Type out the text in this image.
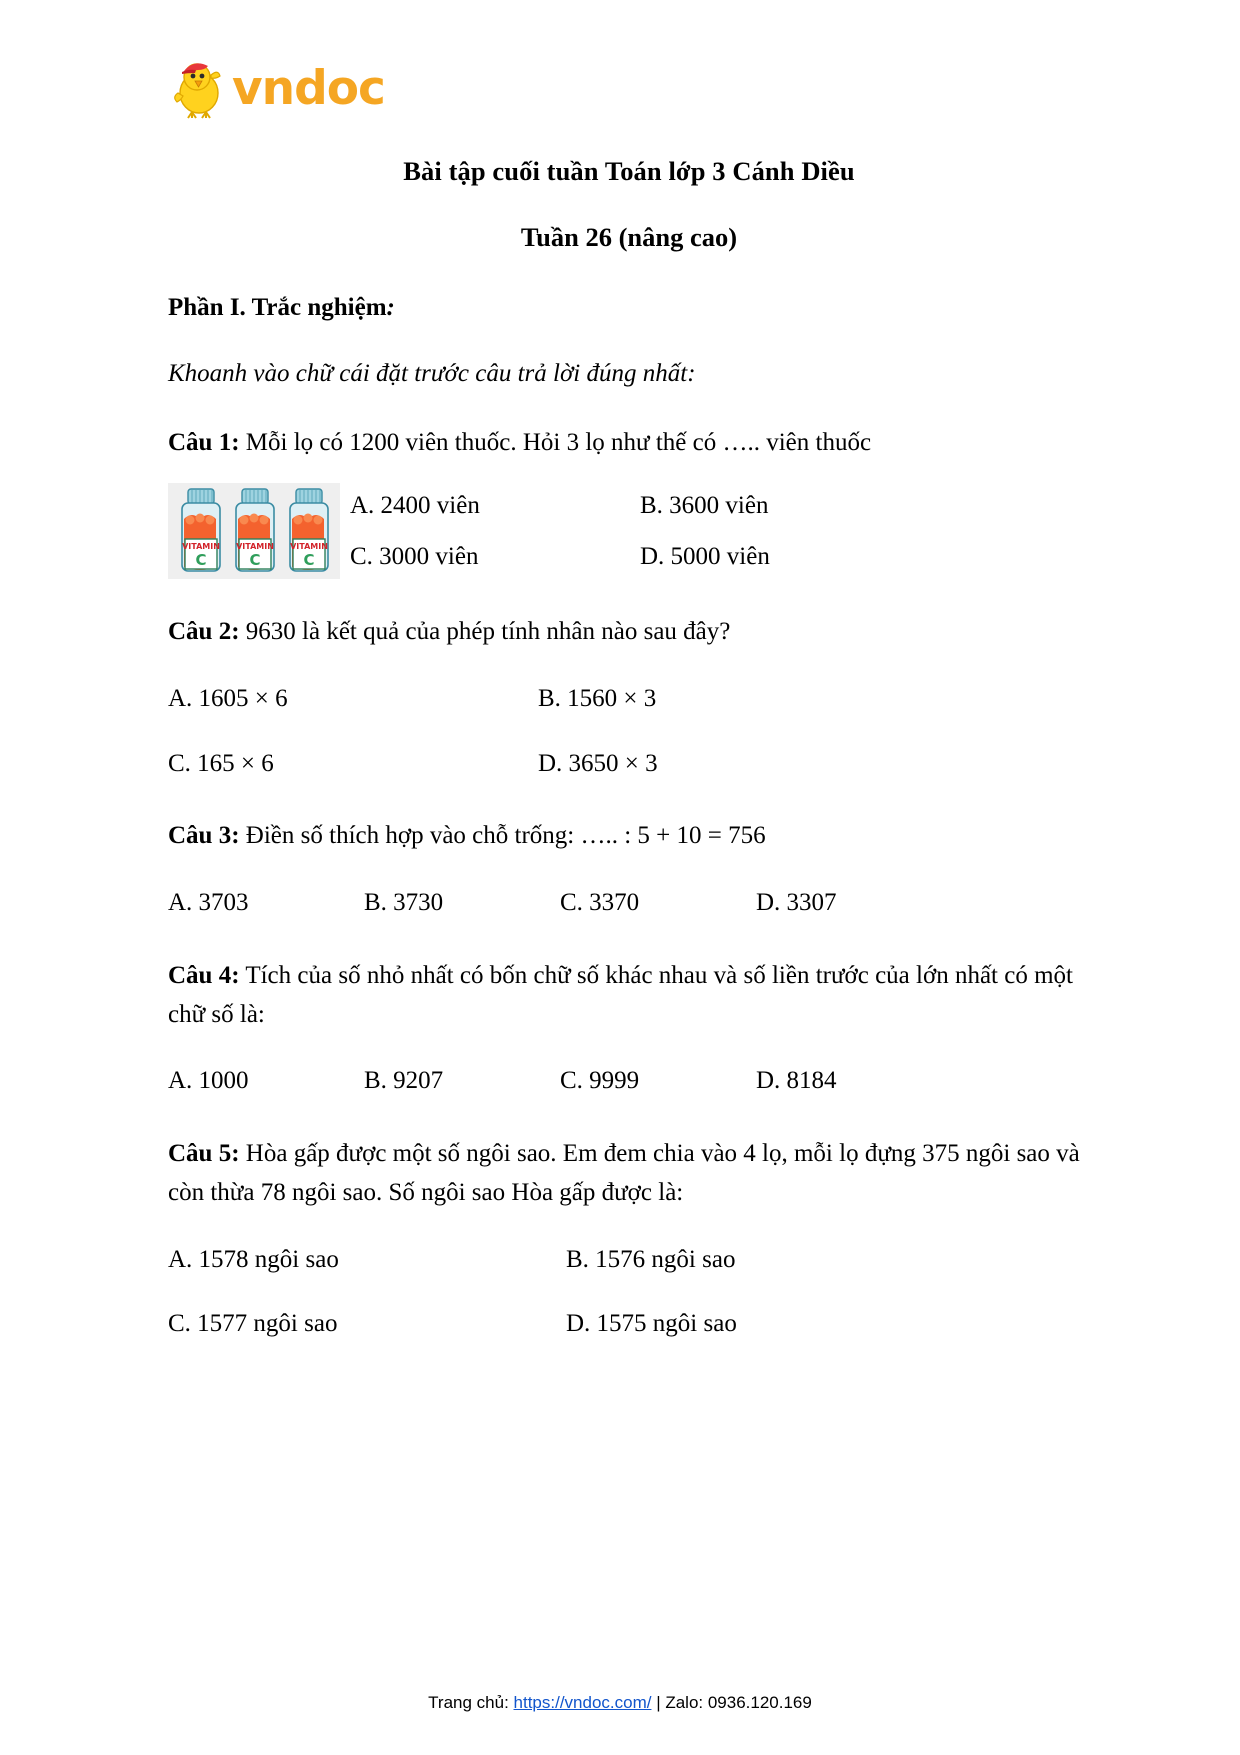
vndoc
Bài tập cuối tuần Toán lớp 3 Cánh Diều
Tuần 26 (nâng cao)

Phần I. Trắc nghiệm:

Khoanh vào chữ cái đặt trước câu trả lời đúng nhất:

Câu 1: Mỗi lọ có 1200 viên thuốc. Hỏi 3 lọ như thế có ….. viên thuốc

VITAMIN
C
VITAMIN
C
VITAMIN
C
A. 2400 viên	B. 3600 viên
C. 3000 viên	D. 5000 viên

Câu 2: 9630 là kết quả của phép tính nhân nào sau đây?

A. 1605 × 6	B. 1560 × 3
C. 165 × 6	D. 3650 × 3

Câu 3: Điền số thích hợp vào chỗ trống: ….. : 5 + 10 = 756

A. 3703	B. 3730	C. 3370	D. 3307

Câu 4: Tích của số nhỏ nhất có bốn chữ số khác nhau và số liền trước của lớn nhất có một chữ số là:

A. 1000	B. 9207	C. 9999	D. 8184

Câu 5: Hòa gấp được một số ngôi sao. Em đem chia vào 4 lọ, mỗi lọ đựng 375 ngôi sao và còn thừa 78 ngôi sao. Số ngôi sao Hòa gấp được là:

A. 1578 ngôi sao	B. 1576 ngôi sao
C. 1577 ngôi sao	D. 1575 ngôi sao
Trang chủ: https://vndoc.com/ | Zalo: 0936.120.169
